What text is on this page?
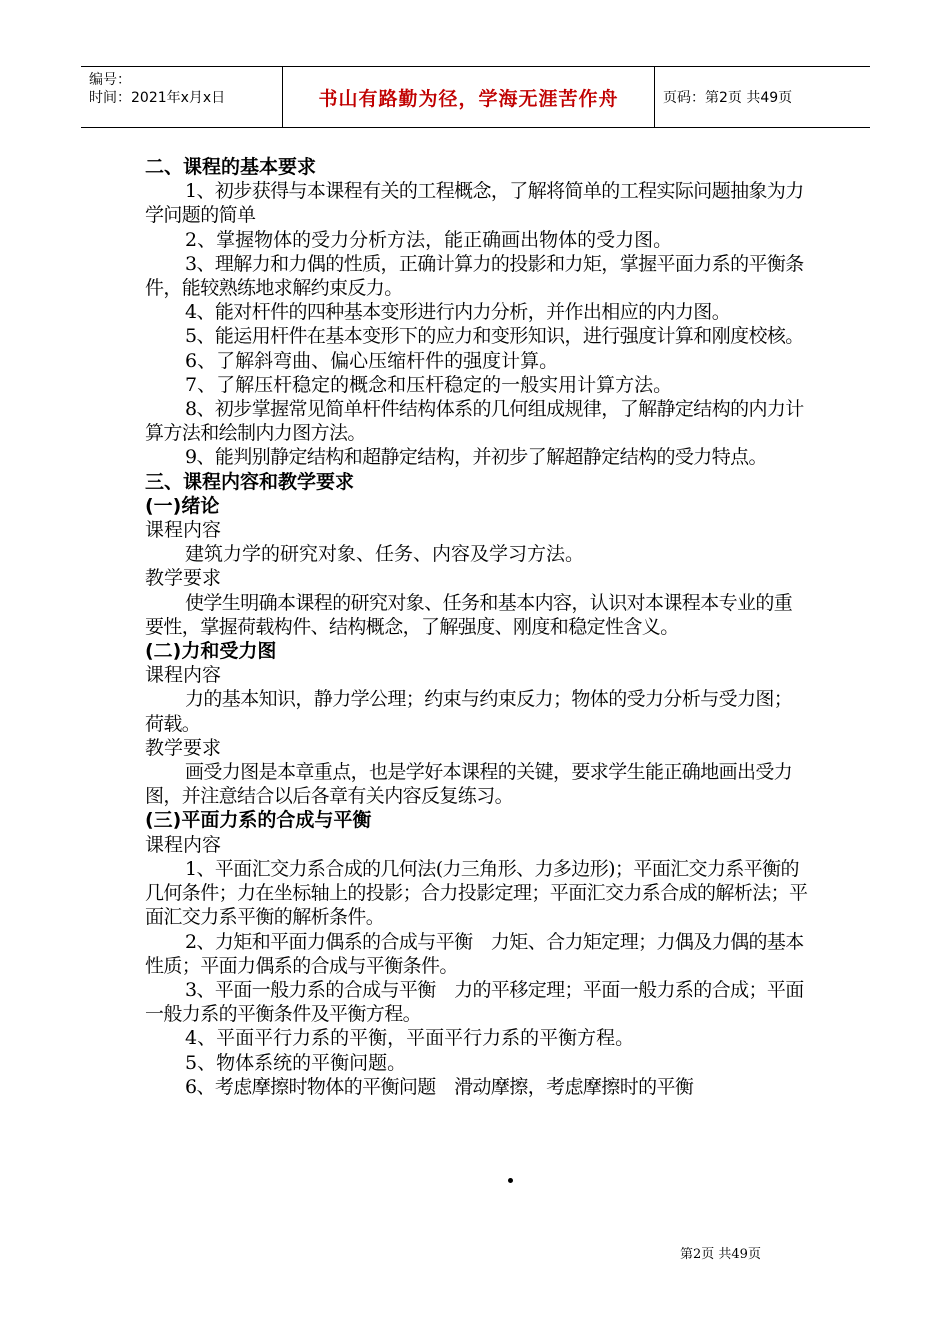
编号：
时间：2021年x月x日	书山有路勤为径，学海无涯苦作舟	页码：第2页 共49页

二、课程的基本要求

1、初步获得与本课程有关的工程概念，了解将简单的工程实际问题抽象为力学问题的简单

2、掌握物体的受力分析方法，能正确画出物体的受力图。

3、理解力和力偶的性质，正确计算力的投影和力矩，掌握平面力系的平衡条件，能较熟练地求解约束反力。

4、能对杆件的四种基本变形进行内力分析，并作出相应的内力图。

5、能运用杆件在基本变形下的应力和变形知识，进行强度计算和刚度校核。

6、了解斜弯曲、偏心压缩杆件的强度计算。

7、了解压杆稳定的概念和压杆稳定的一般实用计算方法。

8、初步掌握常见简单杆件结构体系的几何组成规律，了解静定结构的内力计算方法和绘制内力图方法。

9、能判别静定结构和超静定结构，并初步了解超静定结构的受力特点。

三、课程内容和教学要求

(一)绪论

课程内容

建筑力学的研究对象、任务、内容及学习方法。

教学要求

使学生明确本课程的研究对象、任务和基本内容，认识对本课程本专业的重要性，掌握荷载构件、结构概念，了解强度、刚度和稳定性含义。

(二)力和受力图

课程内容

力的基本知识，静力学公理；约束与约束反力；物体的受力分析与受力图；荷载。

教学要求

画受力图是本章重点，也是学好本课程的关键，要求学生能正确地画出受力图，并注意结合以后各章有关内容反复练习。

(三)平面力系的合成与平衡

课程内容

1、平面汇交力系合成的几何法(力三角形、力多边形)；平面汇交力系平衡的几何条件；力在坐标轴上的投影；合力投影定理；平面汇交力系合成的解析法；平面汇交力系平衡的解析条件。

2、力矩和平面力偶系的合成与平衡　力矩、合力矩定理；力偶及力偶的基本性质；平面力偶系的合成与平衡条件。

3、平面一般力系的合成与平衡　力的平移定理；平面一般力系的合成；平面一般力系的平衡条件及平衡方程。

4、平面平行力系的平衡，平面平行力系的平衡方程。

5、物体系统的平衡问题。

6、考虑摩擦时物体的平衡问题　滑动摩擦，考虑摩擦时的平衡

第2页 共49页
